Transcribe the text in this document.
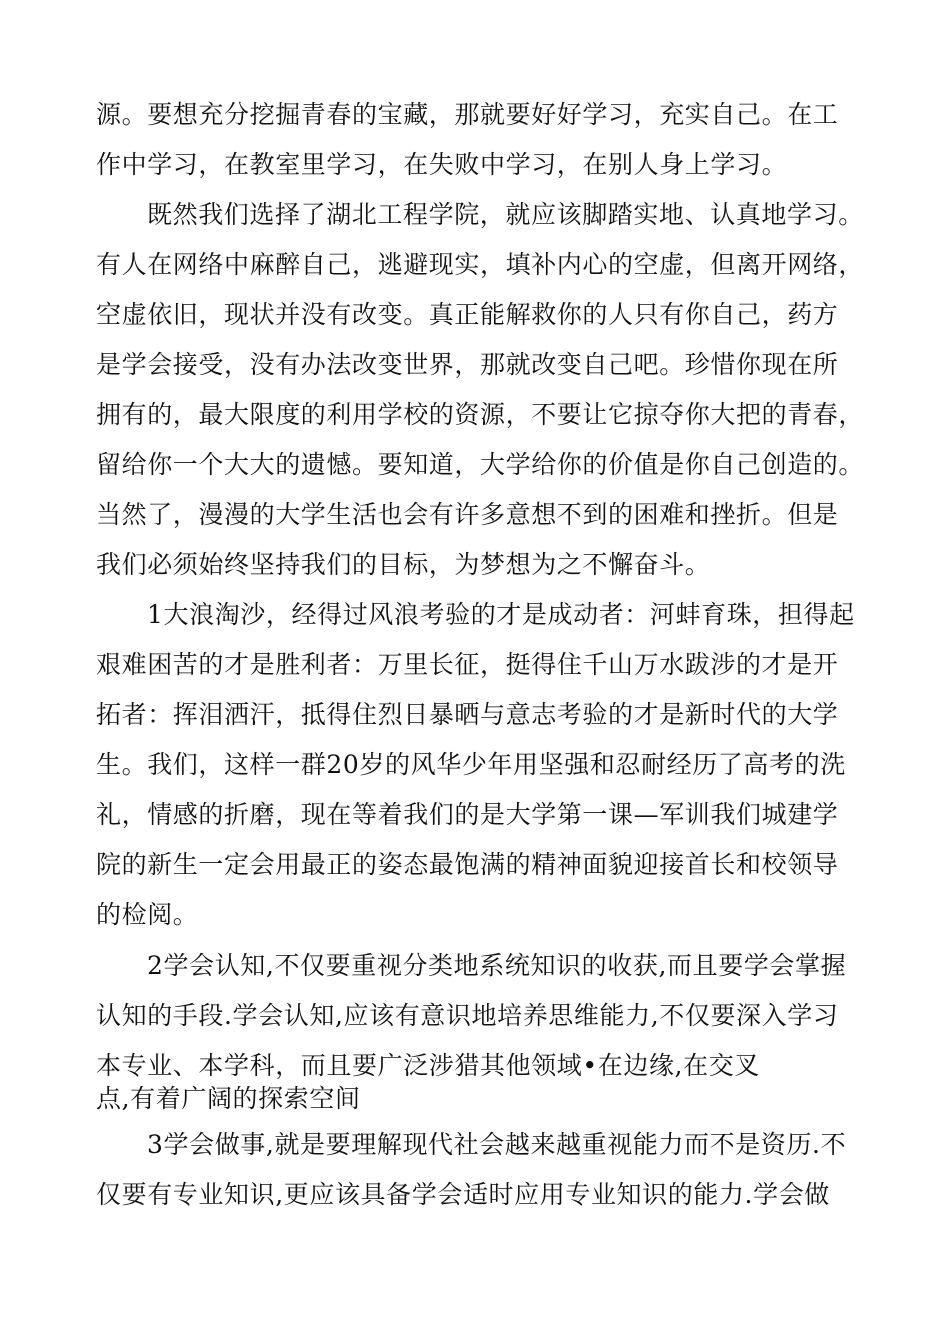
源。要想充分挖掘青春的宝藏，那就要好好学习，充实自己。在工
作中学习，在教室里学习，在失败中学习，在别人身上学习。
既然我们选择了湖北工程学院，就应该脚踏实地、认真地学习。
有人在网络中麻醉自己，逃避现实，填补内心的空虚，但离开网络，
空虚依旧，现状并没有改变。真正能解救你的人只有你自己，药方
是学会接受，没有办法改变世界，那就改变自己吧。珍惜你现在所
拥有的，最大限度的利用学校的资源，不要让它掠夺你大把的青春，
留给你一个大大的遗憾。要知道，大学给你的价值是你自己创造的。
当然了，漫漫的大学生活也会有许多意想不到的困难和挫折。但是
我们必须始终坚持我们的目标，为梦想为之不懈奋斗。
1大浪淘沙，经得过风浪考验的才是成动者：河蚌育珠，担得起
艰难困苦的才是胜利者：万里长征，挺得住千山万水跋涉的才是开
拓者：挥泪洒汗，抵得住烈日暴晒与意志考验的才是新时代的大学
生。我们，这样一群20岁的风华少年用坚强和忍耐经历了高考的洗
礼，情感的折磨，现在等着我们的是大学第一课—军训我们城建学
院的新生一定会用最正的姿态最饱满的精神面貌迎接首长和校领导
的检阅。
2学会认知,不仅要重视分类地系统知识的收获,而且要学会掌握
认知的手段.学会认知,应该有意识地培养思维能力,不仅要深入学习
本专业、本学科，而且要广泛涉猎其他领域•在边缘,在交叉
点,有着广阔的探索空间
3学会做事,就是要理解现代社会越来越重视能力而不是资历.不
仅要有专业知识,更应该具备学会适时应用专业知识的能力.学会做
